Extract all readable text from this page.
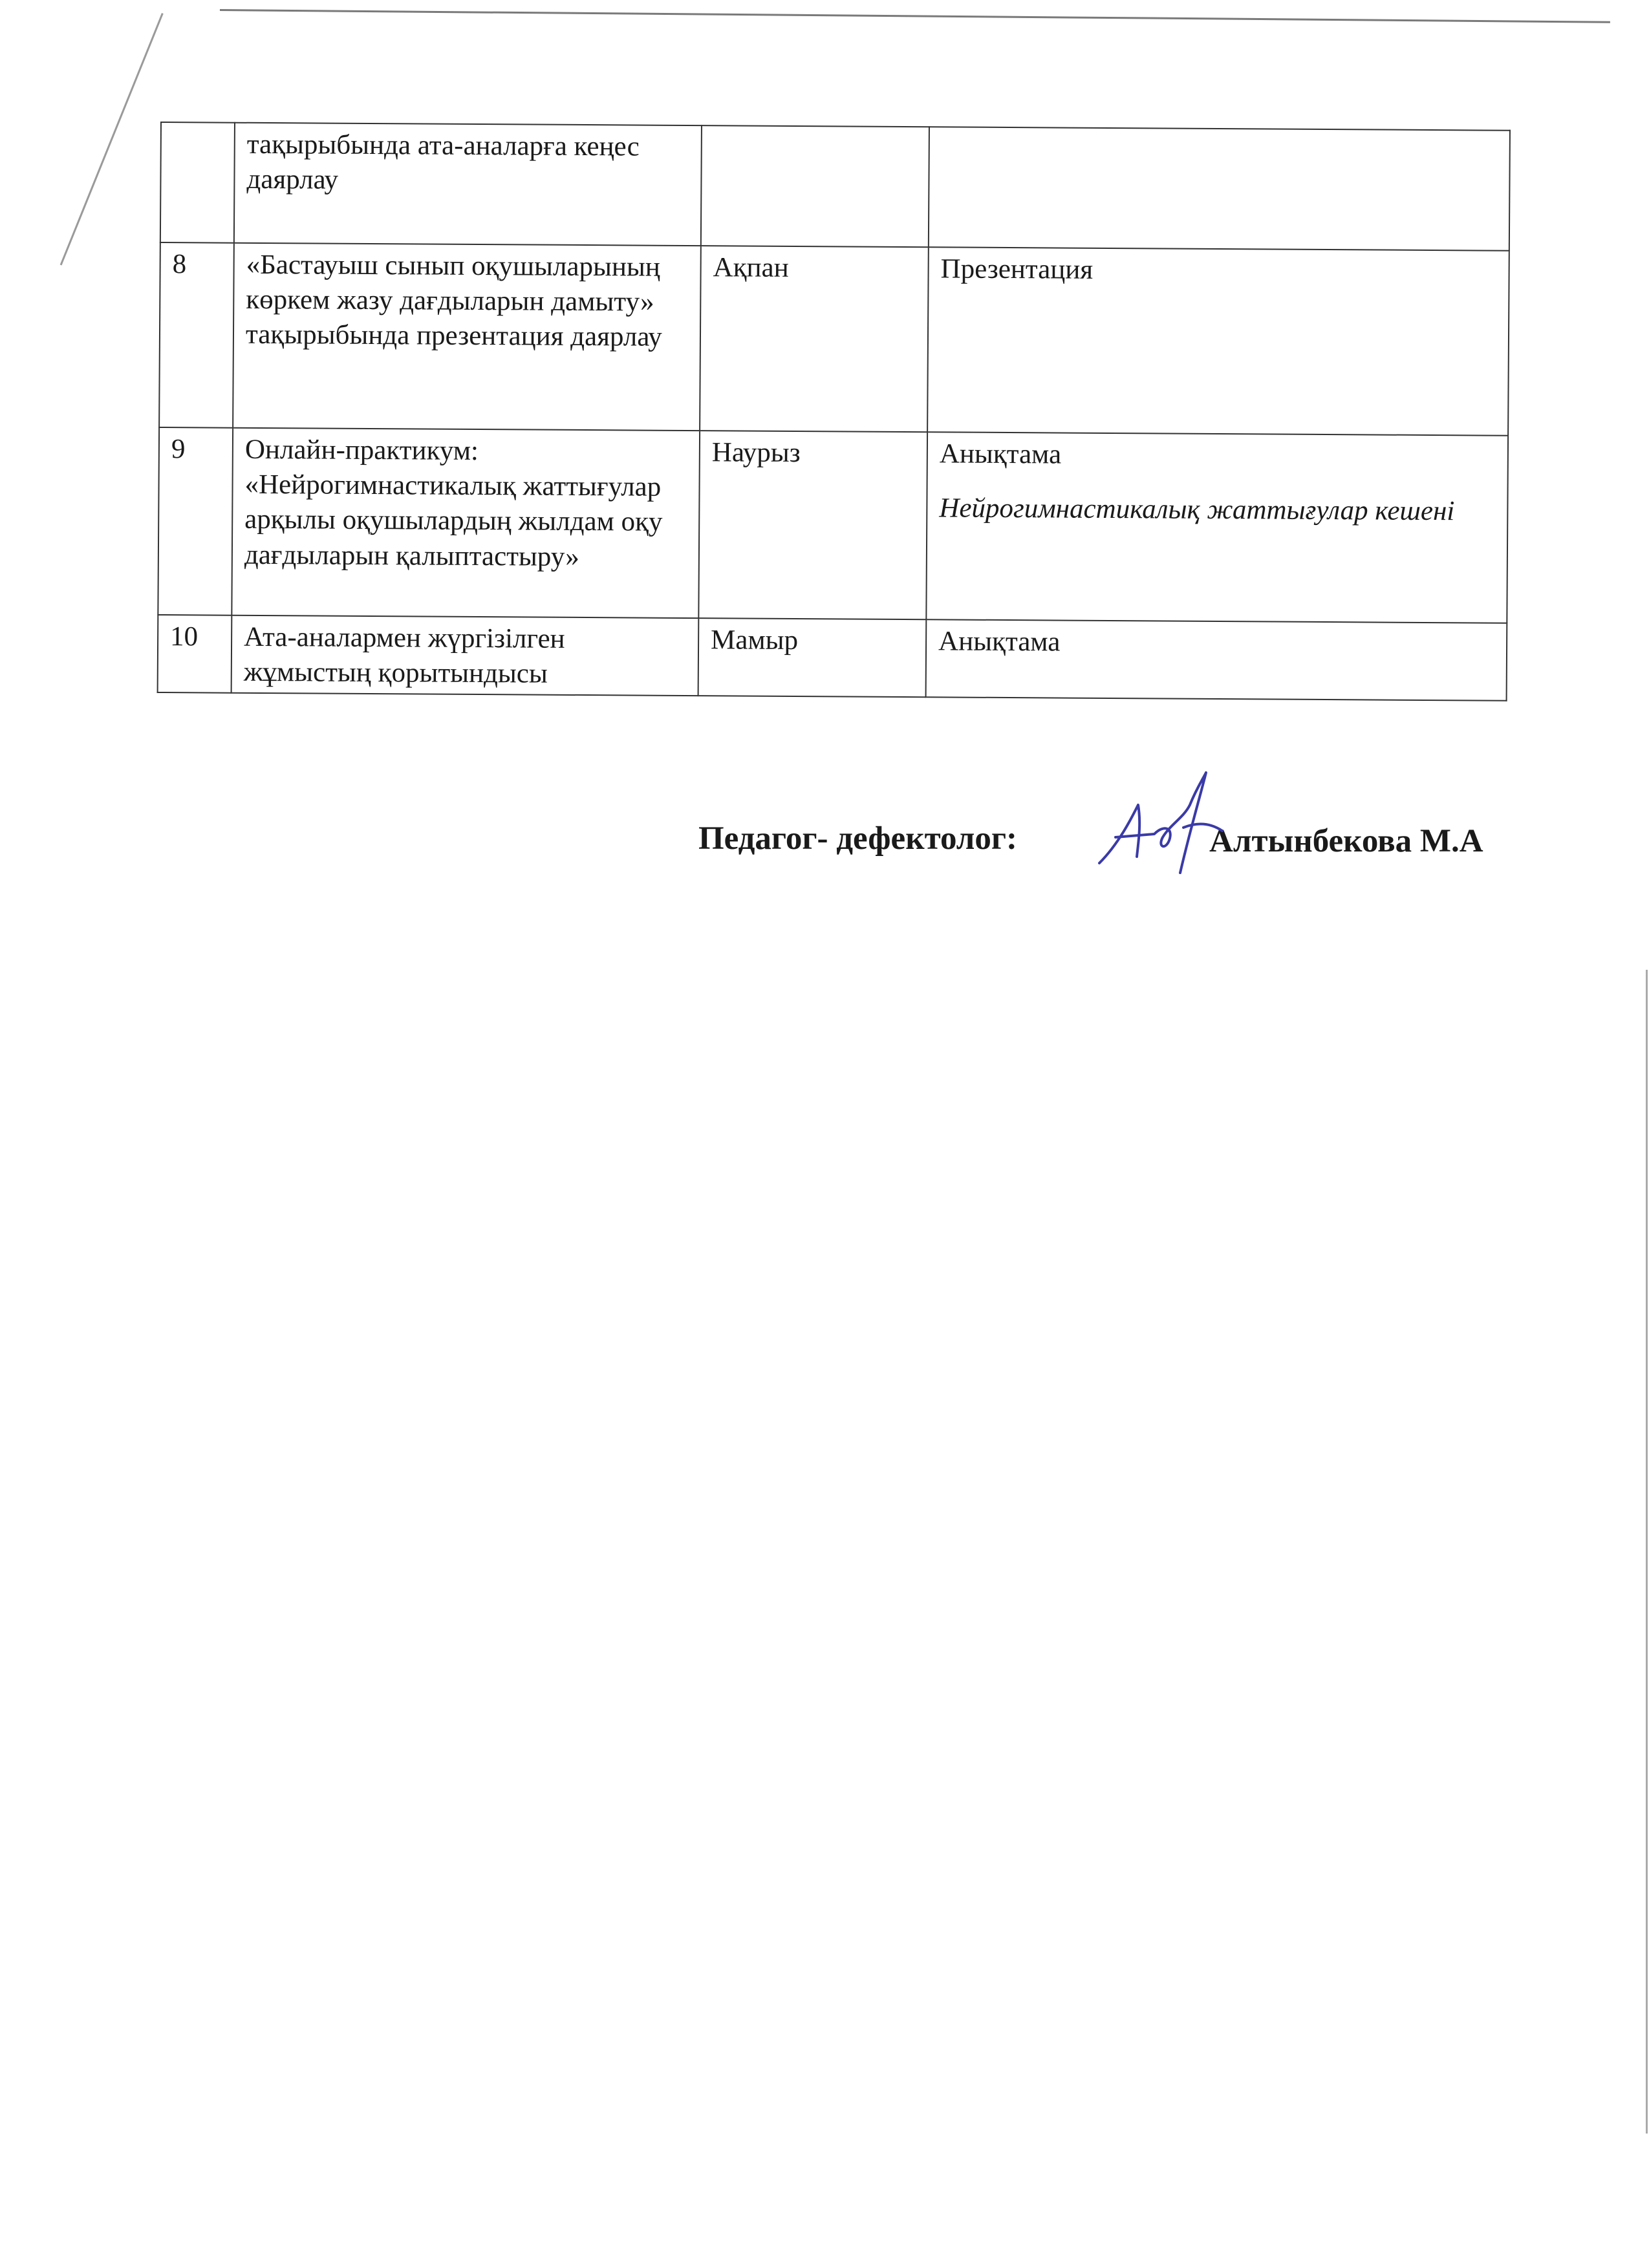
	тақырыбында ата-аналарға кеңес даярлау		
8	«Бастауыш сынып оқушыларының көркем жазу дағдыларын дамыту» тақырыбында презентация даярлау	Ақпан	Презентация
9	Онлайн-практикум: «Нейрогимнастикалық жаттығулар арқылы оқушылардың жылдам оқу дағдыларын қалыптастыру»	Наурыз	Анықтама
Нейрогимнастикалық жаттығулар кешені

10	Ата-аналармен жүргізілген жұмыстың қорытындысы	Мамыр	Анықтама
Педагог- дефектолог:	Алтынбекова М.А
